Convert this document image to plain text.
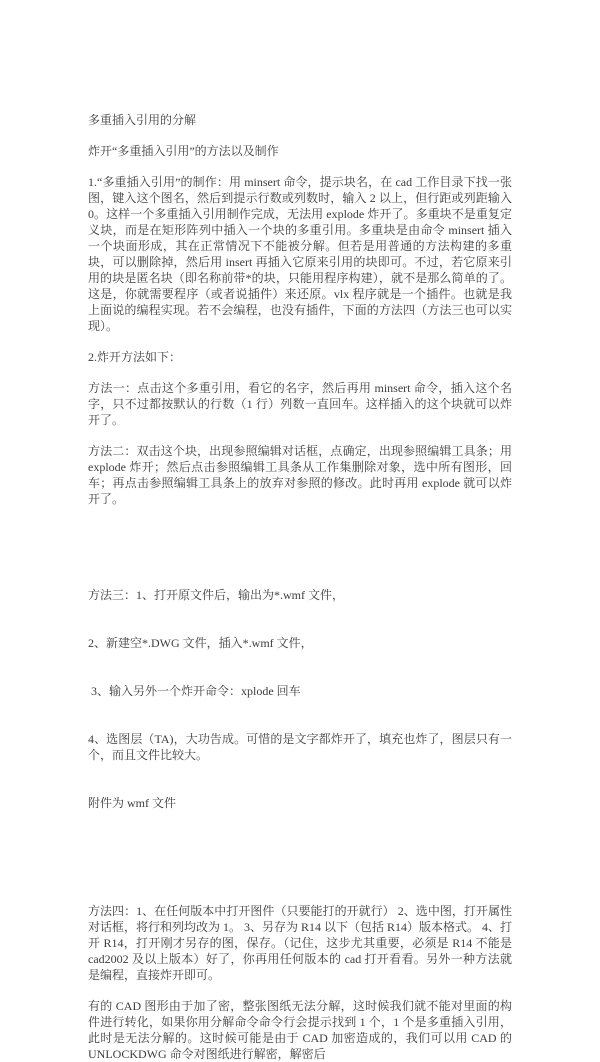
多重插入引用的分解

炸开“多重插入引用”的方法以及制作

1.“多重插入引用”的制作：用 minsert 命令，提示块名，在 cad 工作目录下找一张图，键入这个图名，然后到提示行数或列数时，输入 2 以上，但行距或列距输入 0。这样一个多重插入引用制作完成，无法用 explode 炸开了。多重块不是重复定义块，而是在矩形阵列中插入一个块的多重引用。多重块是由命令 minsert 插入一个块面形成，其在正常情况下不能被分解。但若是用普通的方法构建的多重块，可以删除掉，然后用 insert 再插入它原来引用的块即可。不过，若它原来引用的块是匿名块（即名称前带*的块，只能用程序构建），就不是那么简单的了。这是，你就需要程序（或者说插件）来还原。vlx 程序就是一个插件。也就是我上面说的编程实现。若不会编程，也没有插件，下面的方法四（方法三也可以实现）。

2.炸开方法如下：

方法一：点击这个多重引用，看它的名字，然后再用 minsert 命令，插入这个名字，只不过都按默认的行数（1 行）列数一直回车。这样插入的这个块就可以炸开了。

方法二：双击这个块，出现参照编辑对话框，点确定，出现参照编辑工具条；用 explode 炸开；然后点击参照编辑工具条从工作集删除对象，选中所有图形，回车；再点击参照编辑工具条上的放弃对参照的修改。此时再用 explode 就可以炸开了。

方法三：1、打开原文件后，输出为*.wmf 文件，

2、新建空*.DWG 文件，插入*.wmf 文件，

3、输入另外一个炸开命令：xplode 回车

4、选图层（TA)，大功告成。可惜的是文字都炸开了，填充也炸了，图层只有一个，而且文件比较大。

附件为 wmf 文件

方法四：1、在任何版本中打开图件（只要能打的开就行） 2、选中图，打开属性对话框，将行和列均改为 1。 3、另存为 R14 以下（包括 R14）版本格式。 4、打开 R14，打开刚才另存的图，保存。（记住，这步尤其重要，必须是 R14 不能是 cad2002 及以上版本）好了，你再用任何版本的 cad 打开看看。另外一种方法就是编程，直接炸开即可。

有的 CAD 图形由于加了密，整张图纸无法分解，这时候我们就不能对里面的构件进行转化，如果你用分解命令命令行会提示找到 1 个，1 个是多重插入引用，此时是无法分解的。这时候可能是由于 CAD 加密造成的，我们可以用 CAD 的 UNLOCKDWG 命令对图纸进行解密，解密后
